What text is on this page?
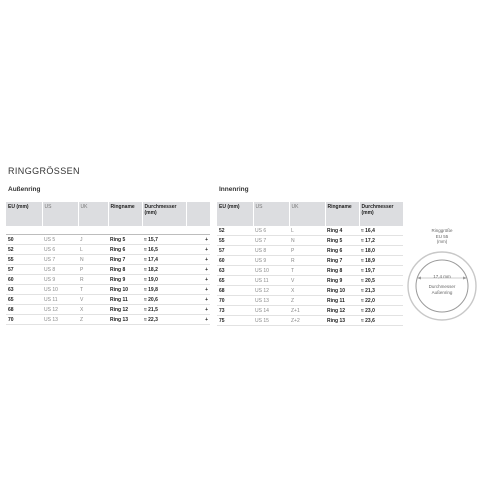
RINGGRÖSSEN
Außenring	Innenring
EU (mm)	US	UK	Ringname	Durchmesser (mm)	

50	US 5	J	Ring 5	≈ 15,7	+
52	US 6	L	Ring 6	≈ 16,5	+
55	US 7	N	Ring 7	≈ 17,4	+
57	US 8	P	Ring 8	≈ 18,2	+
60	US 9	R	Ring 9	≈ 19,0	+
63	US 10	T	Ring 10	≈ 19,8	+
65	US 11	V	Ring 11	≈ 20,6	+
68	US 12	X	Ring 12	≈ 21,5	+
70	US 13	Z	Ring 13	≈ 22,3	+
EU (mm)	US	UK	Ringname	Durchmesser (mm)
52	US 6	L	Ring 4	≈ 16,4
55	US 7	N	Ring 5	≈ 17,2
57	US 8	P	Ring 6	≈ 18,0
60	US 9	R	Ring 7	≈ 18,9
63	US 10	T	Ring 8	≈ 19,7
65	US 11	V	Ring 9	≈ 20,5
68	US 12	X	Ring 10	≈ 21,3
70	US 13	Z	Ring 11	≈ 22,0
73	US 14	Z+1	Ring 12	≈ 23,0
75	US 15	Z+2	Ring 13	≈ 23,6
Ringgröße
EU 55
(mm)
17,4 mm
Durchmesser
Außenring
